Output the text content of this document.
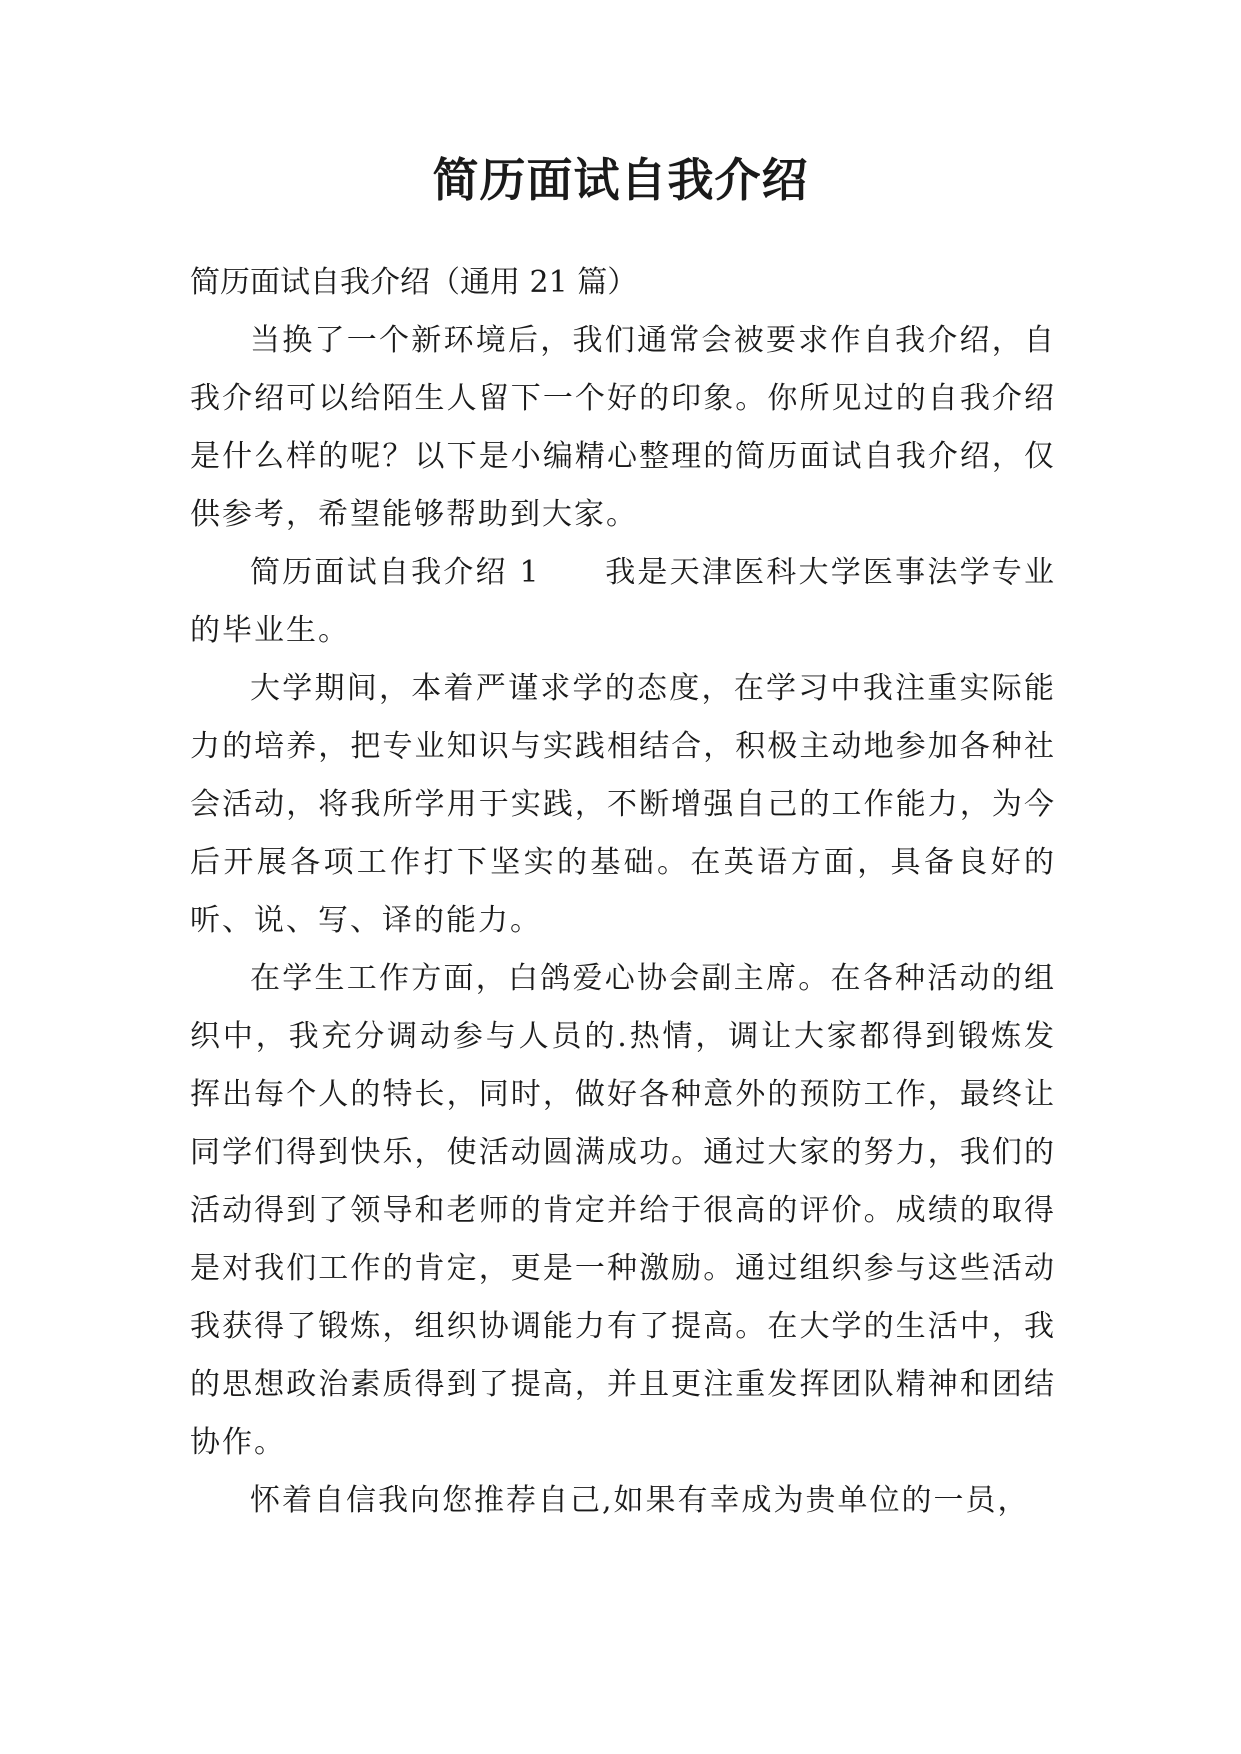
简历面试自我介绍

简历面试自我介绍（通用 21 篇）

当换了一个新环境后，我们通常会被要求作自我介绍，自我介绍可以给陌生人留下一个好的印象。你所见过的自我介绍是什么样的呢？以下是小编精心整理的简历面试自我介绍，仅供参考，希望能够帮助到大家。

简历面试自我介绍 1　　我是天津医科大学医事法学专业的毕业生。

大学期间，本着严谨求学的态度，在学习中我注重实际能力的培养，把专业知识与实践相结合，积极主动地参加各种社会活动，将我所学用于实践，不断增强自己的工作能力，为今后开展各项工作打下坚实的基础。在英语方面，具备良好的听、说、写、译的能力。

在学生工作方面，白鸽爱心协会副主席。在各种活动的组织中，我充分调动参与人员的.热情，调让大家都得到锻炼发挥出每个人的特长，同时，做好各种意外的预防工作，最终让同学们得到快乐，使活动圆满成功。通过大家的努力，我们的活动得到了领导和老师的肯定并给于很高的评价。成绩的取得是对我们工作的肯定，更是一种激励。通过组织参与这些活动我获得了锻炼，组织协调能力有了提高。在大学的生活中，我的思想政治素质得到了提高，并且更注重发挥团队精神和团结协作。

怀着自信我向您推荐自己,如果有幸成为贵单位的一员，
